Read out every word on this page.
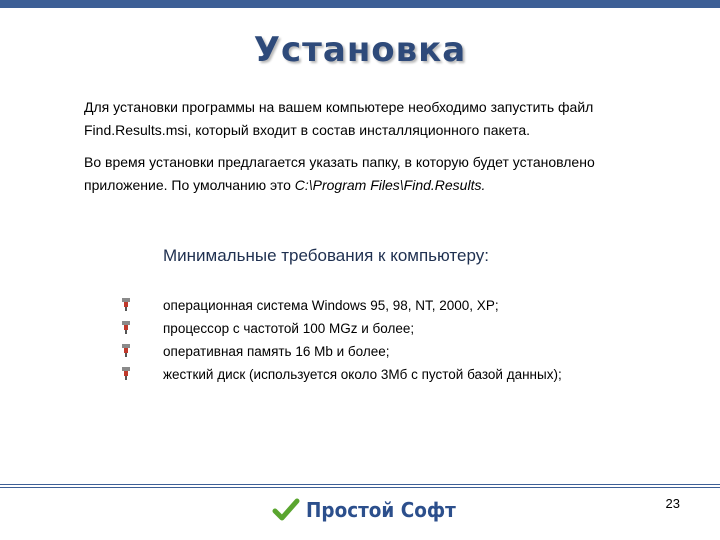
Установка

Для установки программы на вашем компьютере необходимо запустить файл
Find.Results.msi, который входит в состав инсталляционного пакета.

Во время установки предлагается указать папку, в которую будет установлено
приложение. По умолчанию это C:\Program Files\Find.Results.

Минимальные требования к компьютеру:
операционная система Windows 95, 98, NT, 2000, XP;
процессор с частотой 100 MGz и более;
оперативная память 16 Mb и более;
жесткий диск (используется около 3Мб с пустой базой данных);
Простой Софт	23
